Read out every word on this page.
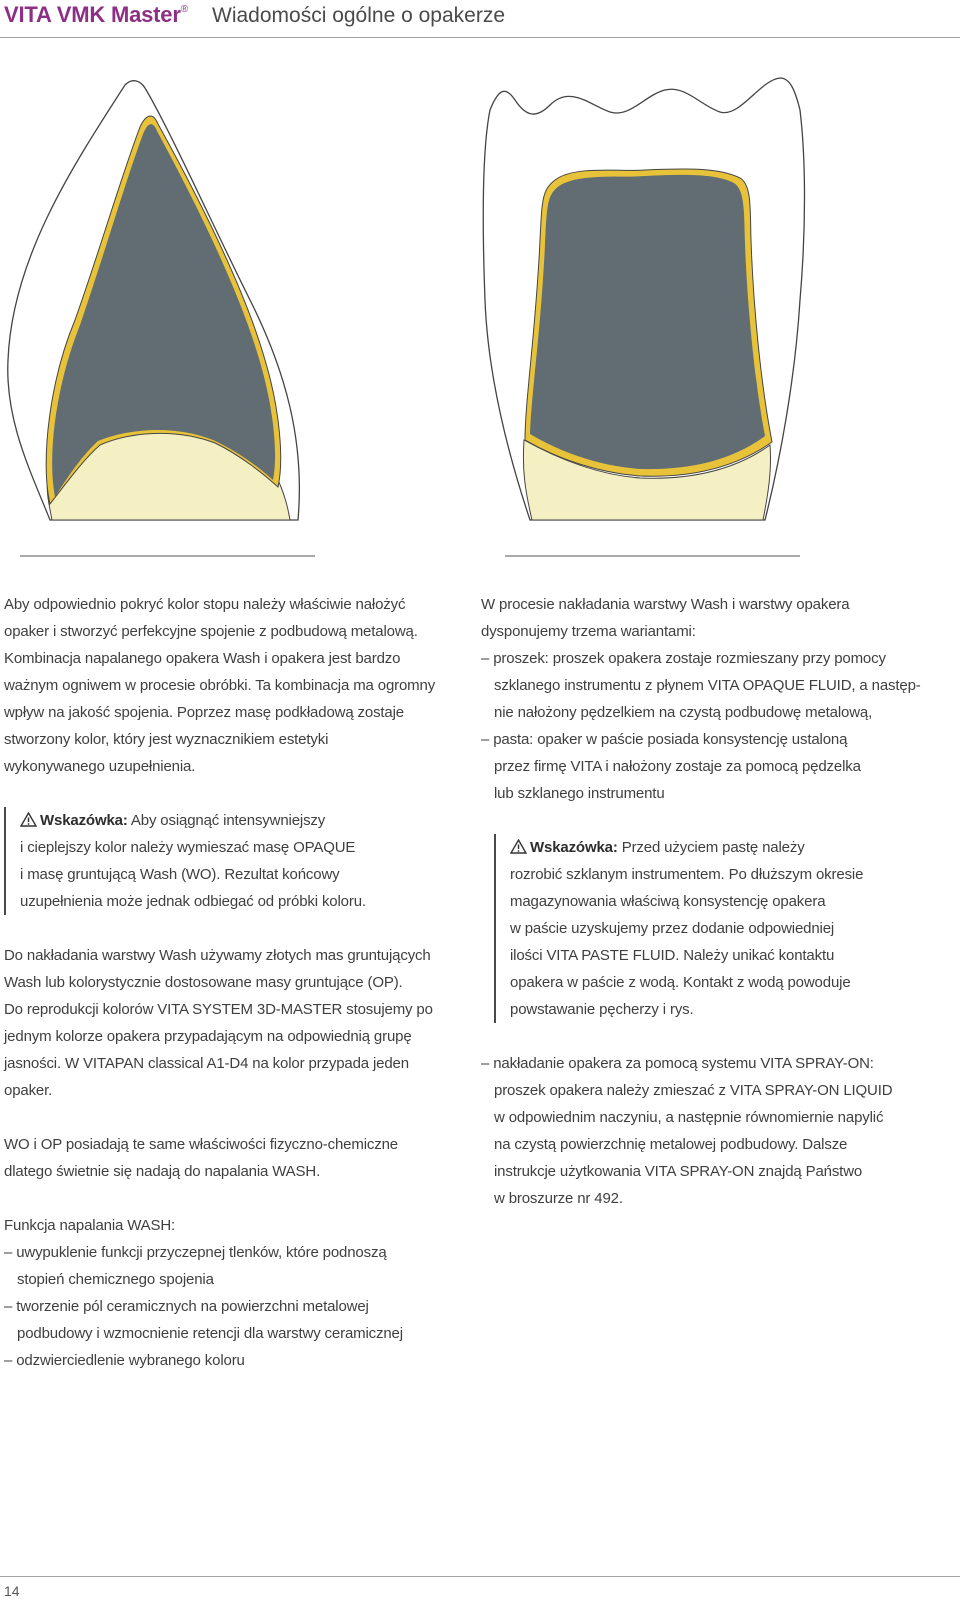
VITA VMK Master® Wiadomości ogólne o opakerze

Aby odpowiednio pokryć kolor stopu należy właściwie nałożyć

opaker i stworzyć perfekcyjne spojenie z podbudową metalową.

Kombinacja napalanego opakera Wash i opakera jest bardzo

ważnym ogniwem w procesie obróbki. Ta kombinacja ma ogromny

wpływ na jakość spojenia. Poprzez masę podkładową zostaje

stworzony kolor, który jest wyznacznikiem estetyki

wykonywanego uzupełnienia.

Wskazówka: Aby osiągnąć intensywniejszy

i cieplejszy kolor należy wymieszać masę OPAQUE

i masę gruntującą Wash (WO). Rezultat końcowy

uzupełnienia może jednak odbiegać od próbki koloru.

Do nakładania warstwy Wash używamy złotych mas gruntujących

Wash lub kolorystycznie dostosowane masy gruntujące (OP).

Do reprodukcji kolorów VITA SYSTEM 3D-MASTER stosujemy po

jednym kolorze opakera przypadającym na odpowiednią grupę

jasności. W VITAPAN classical A1-D4 na kolor przypada jeden

opaker.

WO i OP posiadają te same właściwości fizyczno-chemiczne

dlatego świetnie się nadają do napalania WASH.

Funkcja napalania WASH:

– uwypuklenie funkcji przyczepnej tlenków, które podnoszą

stopień chemicznego spojenia

– tworzenie pól ceramicznych na powierzchni metalowej

podbudowy i wzmocnienie retencji dla warstwy ceramicznej

– odzwierciedlenie wybranego koloru

W procesie nakładania warstwy Wash i warstwy opakera

dysponujemy trzema wariantami:

– proszek: proszek opakera zostaje rozmieszany przy pomocy

szklanego instrumentu z płynem VITA OPAQUE FLUID, a następ-

nie nałożony pędzelkiem na czystą podbudowę metalową,

– pasta: opaker w paście posiada konsystencję ustaloną

przez firmę VITA i nałożony zostaje za pomocą pędzelka

lub szklanego instrumentu

Wskazówka: Przed użyciem pastę należy

rozrobić szklanym instrumentem. Po dłuższym okresie

magazynowania właściwą konsystencję opakera

w paście uzyskujemy przez dodanie odpowiedniej

ilości VITA PASTE FLUID. Należy unikać kontaktu

opakera w paście z wodą. Kontakt z wodą powoduje

powstawanie pęcherzy i rys.

– nakładanie opakera za pomocą systemu VITA SPRAY-ON:

proszek opakera należy zmieszać z VITA SPRAY-ON LIQUID

w odpowiednim naczyniu, a następnie równomiernie napylić

na czystą powierzchnię metalowej podbudowy. Dalsze

instrukcje użytkowania VITA SPRAY-ON znajdą Państwo

w broszurze nr 492.

14
